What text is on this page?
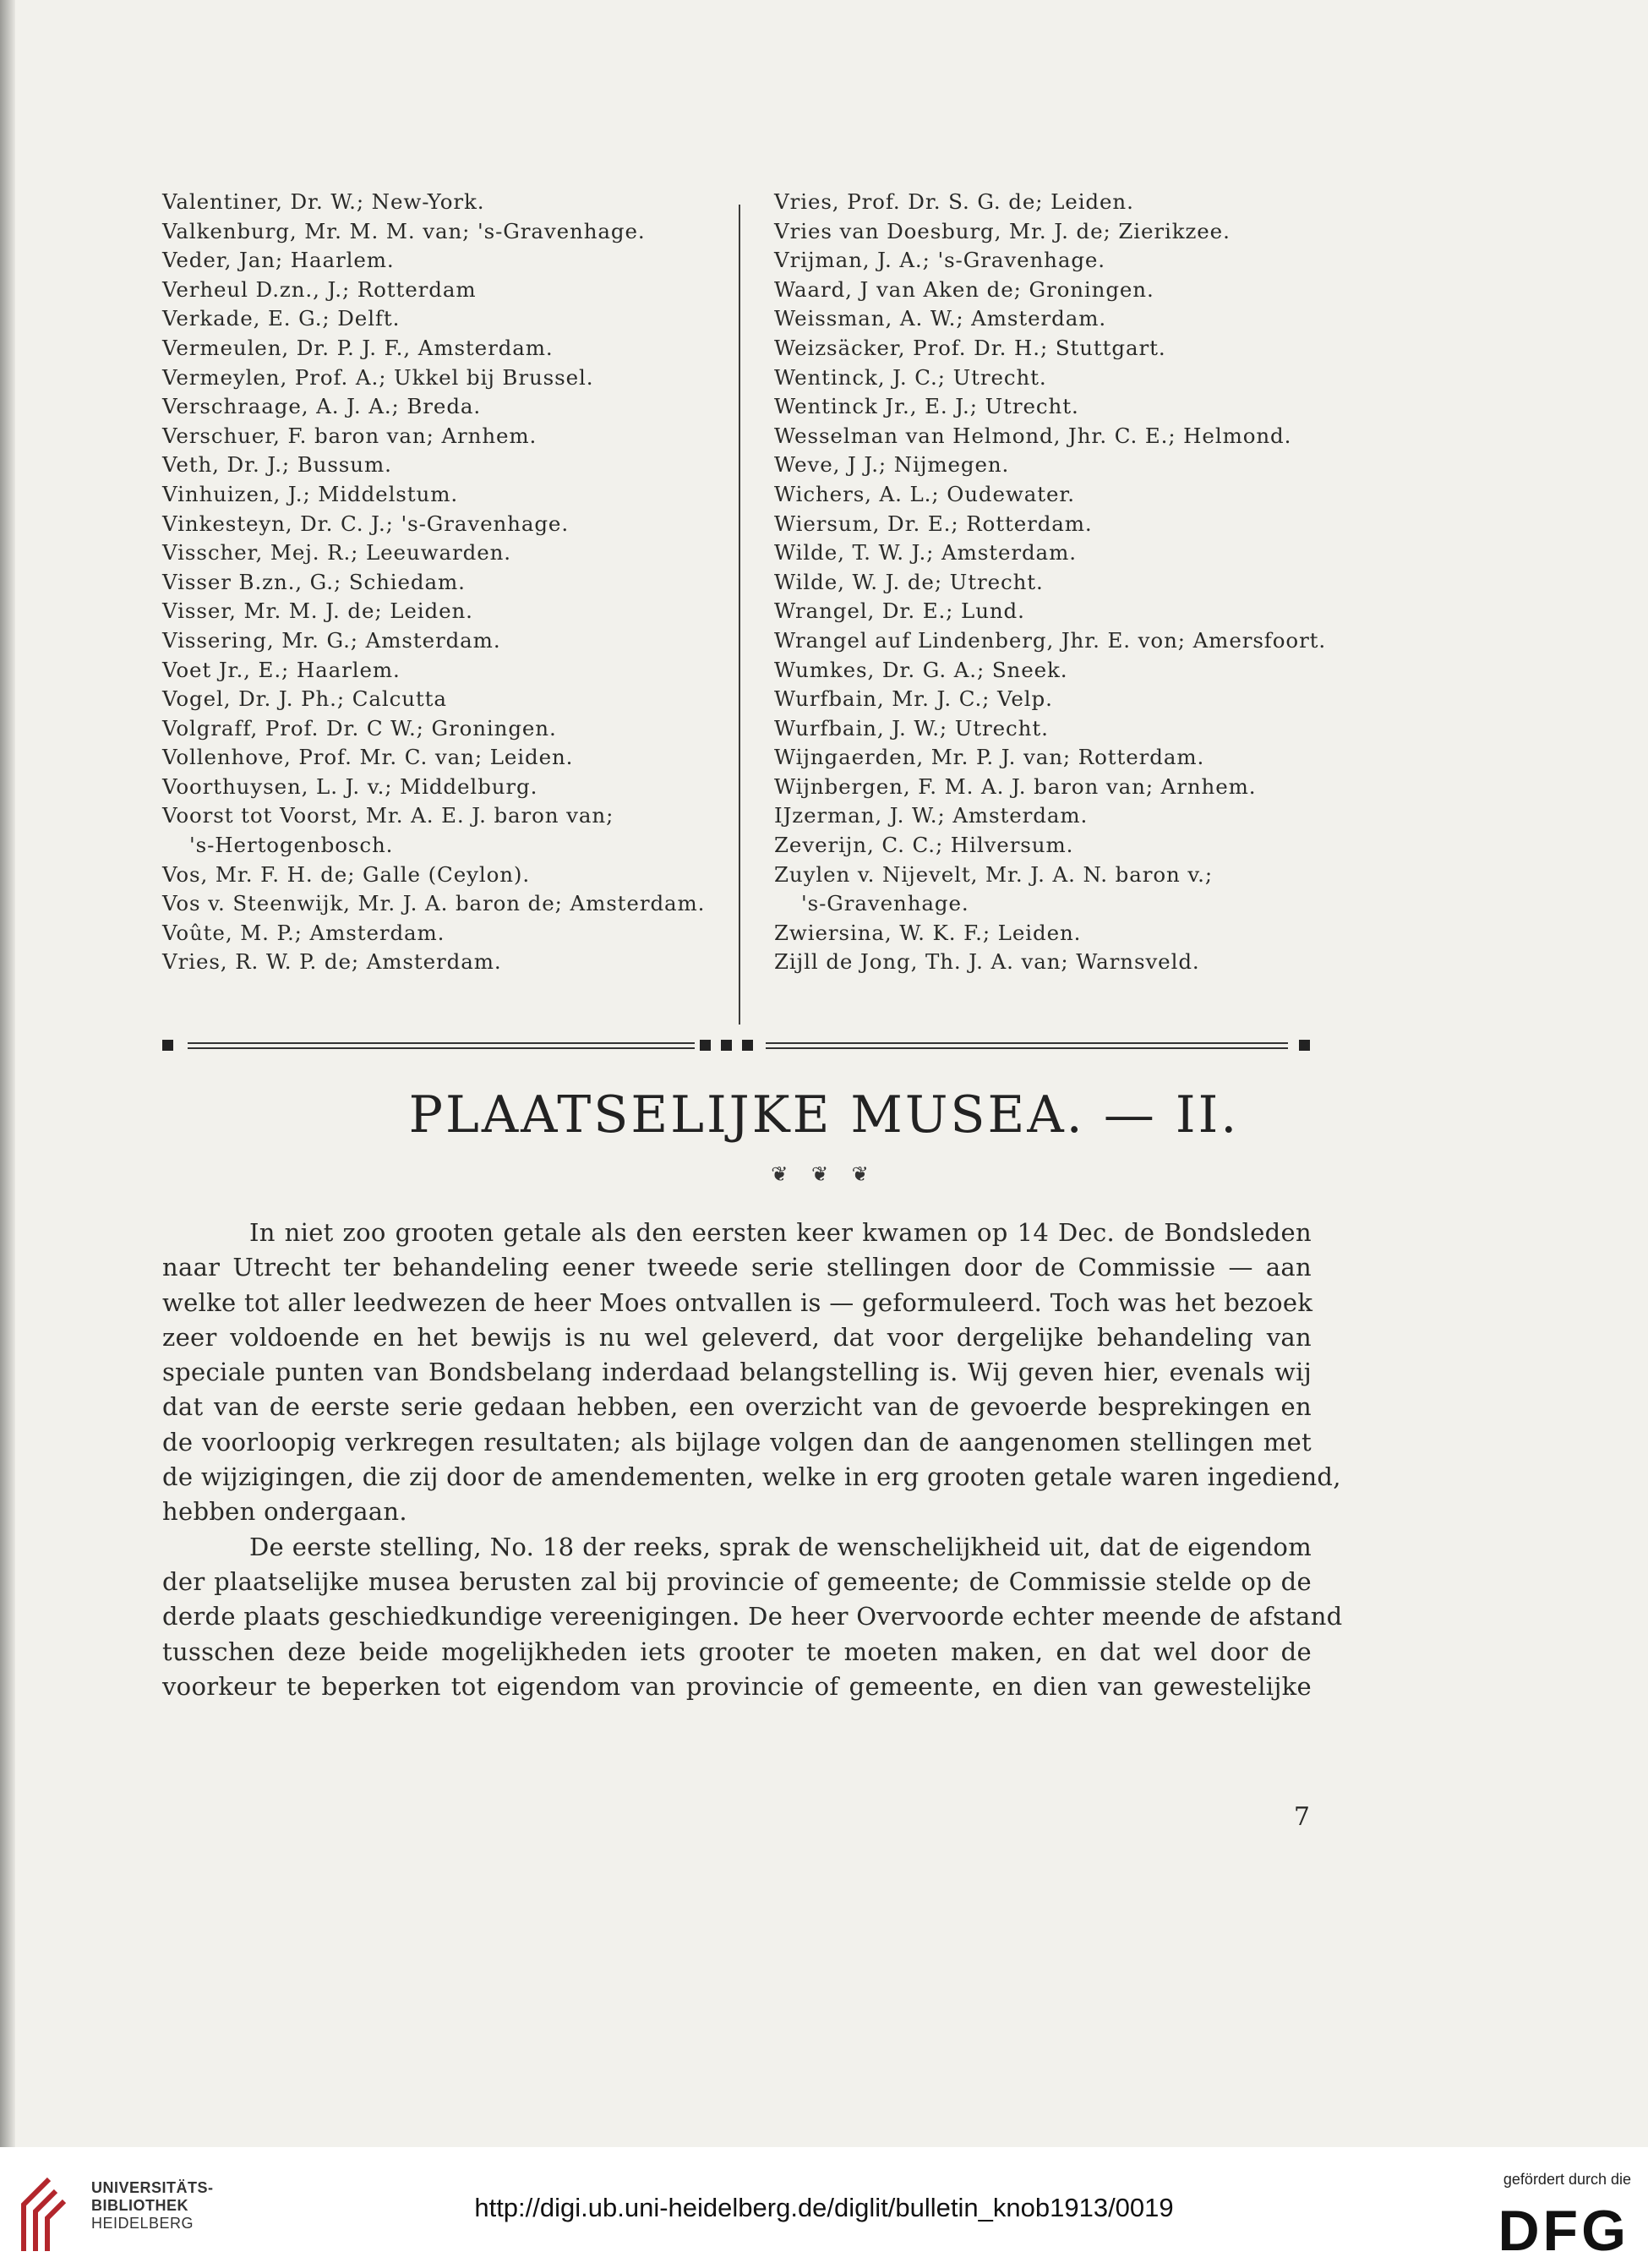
Valentiner, Dr. W.; New-York.
Valkenburg, Mr. M. M. van; 's-Gravenhage.
Veder, Jan; Haarlem.
Verheul D.zn., J.; Rotterdam
Verkade, E. G.; Delft.
Vermeulen, Dr. P. J. F., Amsterdam.
Vermeylen, Prof. A.; Ukkel bij Brussel.
Verschraage, A. J. A.; Breda.
Verschuer, F. baron van; Arnhem.
Veth, Dr. J.; Bussum.
Vinhuizen, J.; Middelstum.
Vinkesteyn, Dr. C. J.; 's-Gravenhage.
Visscher, Mej. R.; Leeuwarden.
Visser B.zn., G.; Schiedam.
Visser, Mr. M. J. de; Leiden.
Vissering, Mr. G.; Amsterdam.
Voet Jr., E.; Haarlem.
Vogel, Dr. J. Ph.; Calcutta
Volgraff, Prof. Dr. C W.; Groningen.
Vollenhove, Prof. Mr. C. van; Leiden.
Voorthuysen, L. J. v.; Middelburg.
Voorst tot Voorst, Mr. A. E. J. baron van;
's-Hertogenbosch.
Vos, Mr. F. H. de; Galle (Ceylon).
Vos v. Steenwijk, Mr. J. A. baron de; Amsterdam.
Voûte, M. P.; Amsterdam.
Vries, R. W. P. de; Amsterdam.
Vries, Prof. Dr. S. G. de; Leiden.
Vries van Doesburg, Mr. J. de; Zierikzee.
Vrijman, J. A.; 's-Gravenhage.
Waard, J van Aken de; Groningen.
Weissman, A. W.; Amsterdam.
Weizsäcker, Prof. Dr. H.; Stuttgart.
Wentinck, J. C.; Utrecht.
Wentinck Jr., E. J.; Utrecht.
Wesselman van Helmond, Jhr. C. E.; Helmond.
Weve, J J.; Nijmegen.
Wichers, A. L.; Oudewater.
Wiersum, Dr. E.; Rotterdam.
Wilde, T. W. J.; Amsterdam.
Wilde, W. J. de; Utrecht.
Wrangel, Dr. E.; Lund.
Wrangel auf Lindenberg, Jhr. E. von; Amersfoort.
Wumkes, Dr. G. A.; Sneek.
Wurfbain, Mr. J. C.; Velp.
Wurfbain, J. W.; Utrecht.
Wijngaerden, Mr. P. J. van; Rotterdam.
Wijnbergen, F. M. A. J. baron van; Arnhem.
IJzerman, J. W.; Amsterdam.
Zeverijn, C. C.; Hilversum.
Zuylen v. Nijevelt, Mr. J. A. N. baron v.;
's-Gravenhage.
Zwiersina, W. K. F.; Leiden.
Zijll de Jong, Th. J. A. van; Warnsveld.
PLAATSELIJKE MUSEA. — II.
❦ ❦ ❦
In niet zoo grooten getale als den eersten keer kwamen op 14 Dec. de Bondsleden
naar Utrecht ter behandeling eener tweede serie stellingen door de Commissie — aan
welke tot aller leedwezen de heer Moes ontvallen is — geformuleerd. Toch was het bezoek
zeer voldoende en het bewijs is nu wel geleverd, dat voor dergelijke behandeling van
speciale punten van Bondsbelang inderdaad belangstelling is. Wij geven hier, evenals wij
dat van de eerste serie gedaan hebben, een overzicht van de gevoerde besprekingen en
de voorloopig verkregen resultaten; als bijlage volgen dan de aangenomen stellingen met
de wijzigingen, die zij door de amendementen, welke in erg grooten getale waren ingediend,
hebben ondergaan.
De eerste stelling, No. 18 der reeks, sprak de wenschelijkheid uit, dat de eigendom
der plaatselijke musea berusten zal bij provincie of gemeente; de Commissie stelde op de
derde plaats geschiedkundige vereenigingen. De heer Overvoorde echter meende de afstand
tusschen deze beide mogelijkheden iets grooter te moeten maken, en dat wel door de
voorkeur te beperken tot eigendom van provincie of gemeente, en dien van gewestelijke
7
UNIVERSITÄTS-
BIBLIOTHEK
HEIDELBERG
http://digi.ub.uni-heidelberg.de/diglit/bulletin_knob1913/0019
gefördert durch die
DFG
